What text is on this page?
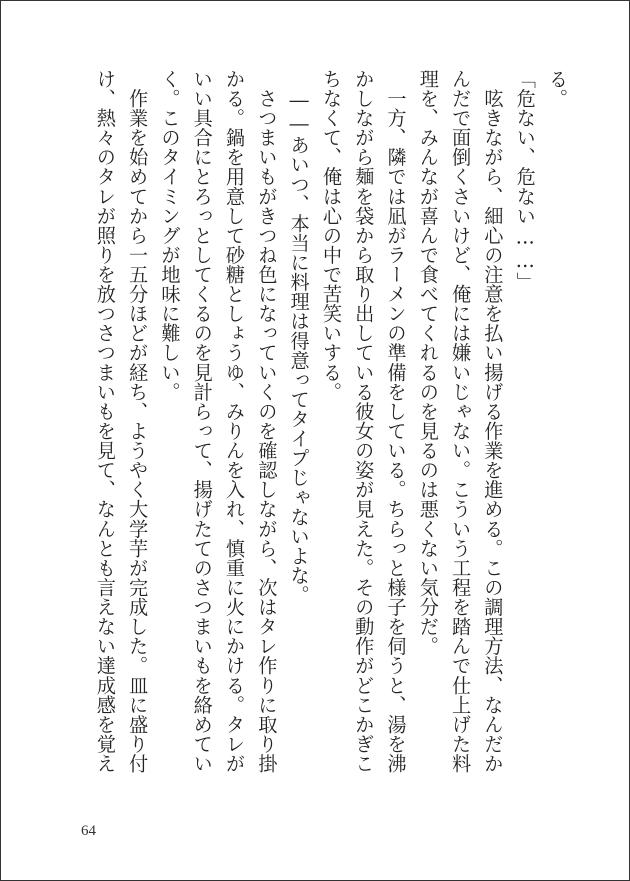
る。
「危ない、危ない……」
　呟きながら、細心の注意を払い揚げる作業を進める。この調理方法、なんだか
んだで面倒くさいけど、俺には嫌いじゃない。こういう工程を踏んで仕上げた料
理を、みんなが喜んで食べてくれるのを見るのは悪くない気分だ。
　一方、隣では凪がラーメンの準備をしている。ちらっと様子を伺うと、湯を沸
かしながら麺を袋から取り出している彼女の姿が見えた。その動作がどこかぎこ
ちなくて、俺は心の中で苦笑いする。
　――あいつ、本当に料理は得意ってタイプじゃないよな。
　さつまいもがきつね色になっていくのを確認しながら、次はタレ作りに取り掛
かる。鍋を用意して砂糖としょうゆ、みりんを入れ、慎重に火にかける。タレが
いい具合にとろっとしてくるのを見計らって、揚げたてのさつまいもを絡めてい
く。このタイミングが地味に難しい。
　作業を始めてから一五分ほどが経ち、ようやく大学芋が完成した。皿に盛り付
け、熱々のタレが照りを放つさつまいもを見て、なんとも言えない達成感を覚え
64
